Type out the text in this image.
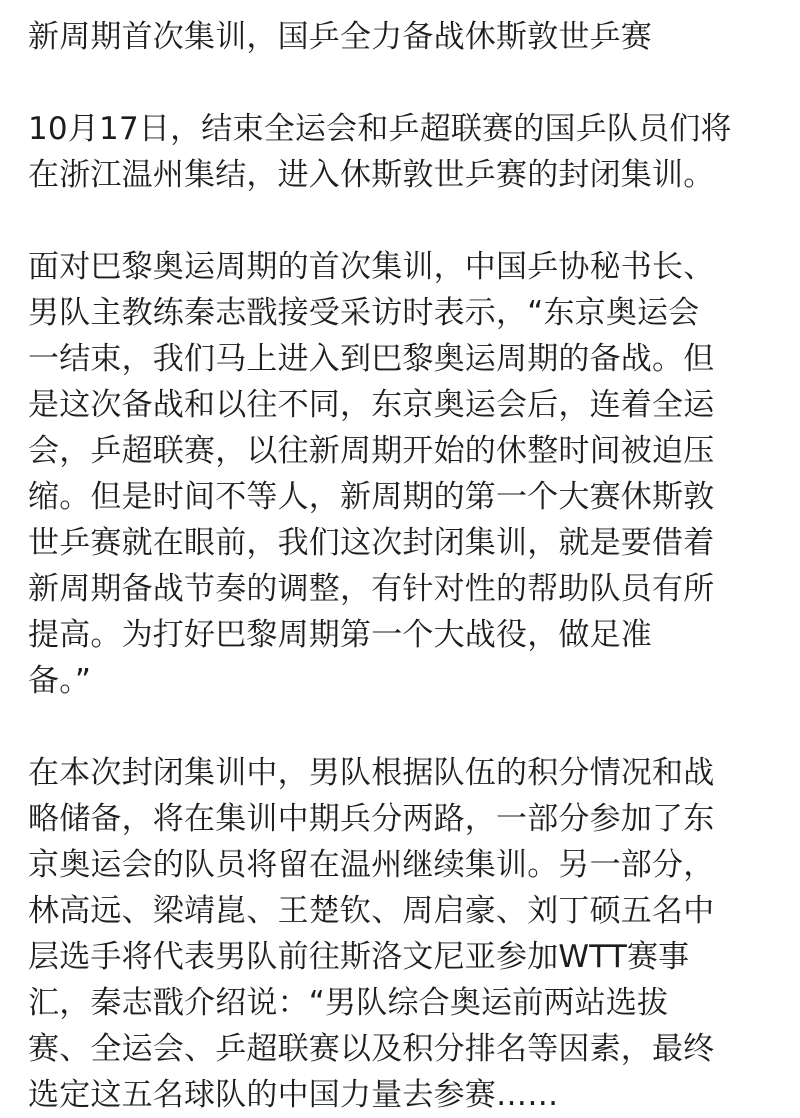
新周期首次集训，国乒全力备战休斯敦世乒赛
10月17日，结束全运会和乒超联赛的国乒队员们将
在浙江温州集结，进入休斯敦世乒赛的封闭集训。
面对巴黎奥运周期的首次集训，中国乒协秘书长、
男队主教练秦志戬接受采访时表示，“东京奥运会
一结束，我们马上进入到巴黎奥运周期的备战。但
是这次备战和以往不同，东京奥运会后，连着全运
会，乒超联赛，以往新周期开始的休整时间被迫压
缩。但是时间不等人，新周期的第一个大赛休斯敦
世乒赛就在眼前，我们这次封闭集训，就是要借着
新周期备战节奏的调整，有针对性的帮助队员有所
提高。为打好巴黎周期第一个大战役，做足准
备。”
在本次封闭集训中，男队根据队伍的积分情况和战
略储备，将在集训中期兵分两路，一部分参加了东
京奥运会的队员将留在温州继续集训。另一部分，
林高远、梁靖崑、王楚钦、周启豪、刘丁硕五名中
层选手将代表男队前往斯洛文尼亚参加WTT赛事
汇，秦志戬介绍说：“男队综合奥运前两站选拔
赛、全运会、乒超联赛以及积分排名等因素，最终
选定这五名球队的中国力量去参赛……
